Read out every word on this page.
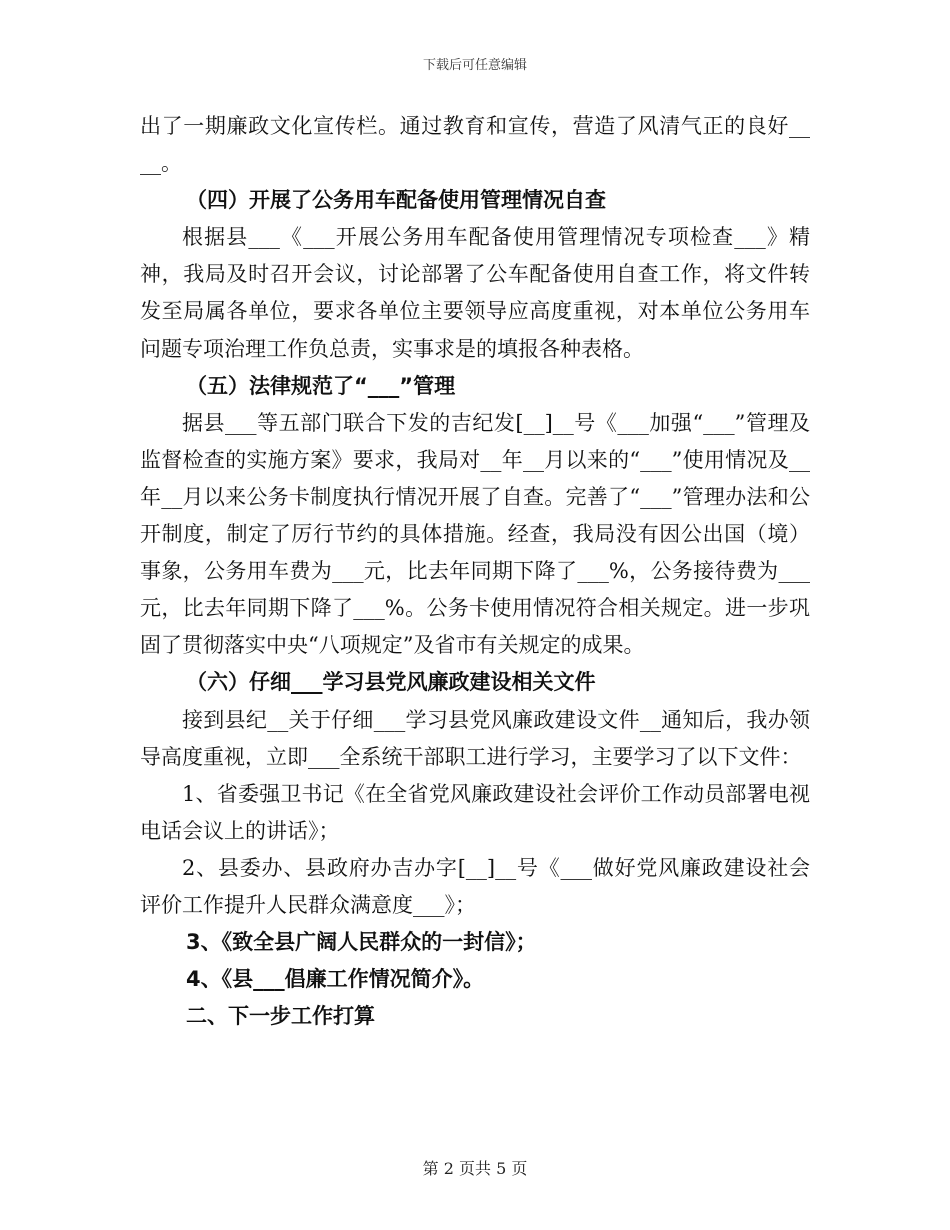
下载后可任意编辑

出了一期廉政文化宣传栏。通过教育和宣传，营造了风清气正的良好__ __。

（四）开展了公务用车配备使用管理情况自查

根据县___《___开展公务用车配备使用管理情况专项检查___》精神，我局及时召开会议，讨论部署了公车配备使用自查工作，将文件转发至局属各单位，要求各单位主要领导应高度重视，对本单位公务用车问题专项治理工作负总责，实事求是的填报各种表格。

（五）法律规范了“___”管理

据县___等五部门联合下发的吉纪发[__]__号《___加强“___”管理及监督检查的实施方案》要求，我局对__年__月以来的“___”使用情况及__年__月以来公务卡制度执行情况开展了自查。完善了“___”管理办法和公开制度，制定了厉行节约的具体措施。经查，我局没有因公出国（境）事象，公务用车费为___元，比去年同期下降了___%，公务接待费为___元，比去年同期下降了___%。公务卡使用情况符合相关规定。进一步巩固了贯彻落实中央“八项规定”及省市有关规定的成果。

（六）仔细___学习县党风廉政建设相关文件

接到县纪__关于仔细___学习县党风廉政建设文件__通知后，我办领导高度重视，立即___全系统干部职工进行学习，主要学习了以下文件：

1、省委强卫书记《在全省党风廉政建设社会评价工作动员部署电视电话会议上的讲话》；

2、县委办、县政府办吉办字[__]__号《___做好党风廉政建设社会评价工作提升人民群众满意度___》；

3、《致全县广阔人民群众的一封信》；

4、《县___倡廉工作情况简介》。

二、下一步工作打算

第 2 页共 5 页
